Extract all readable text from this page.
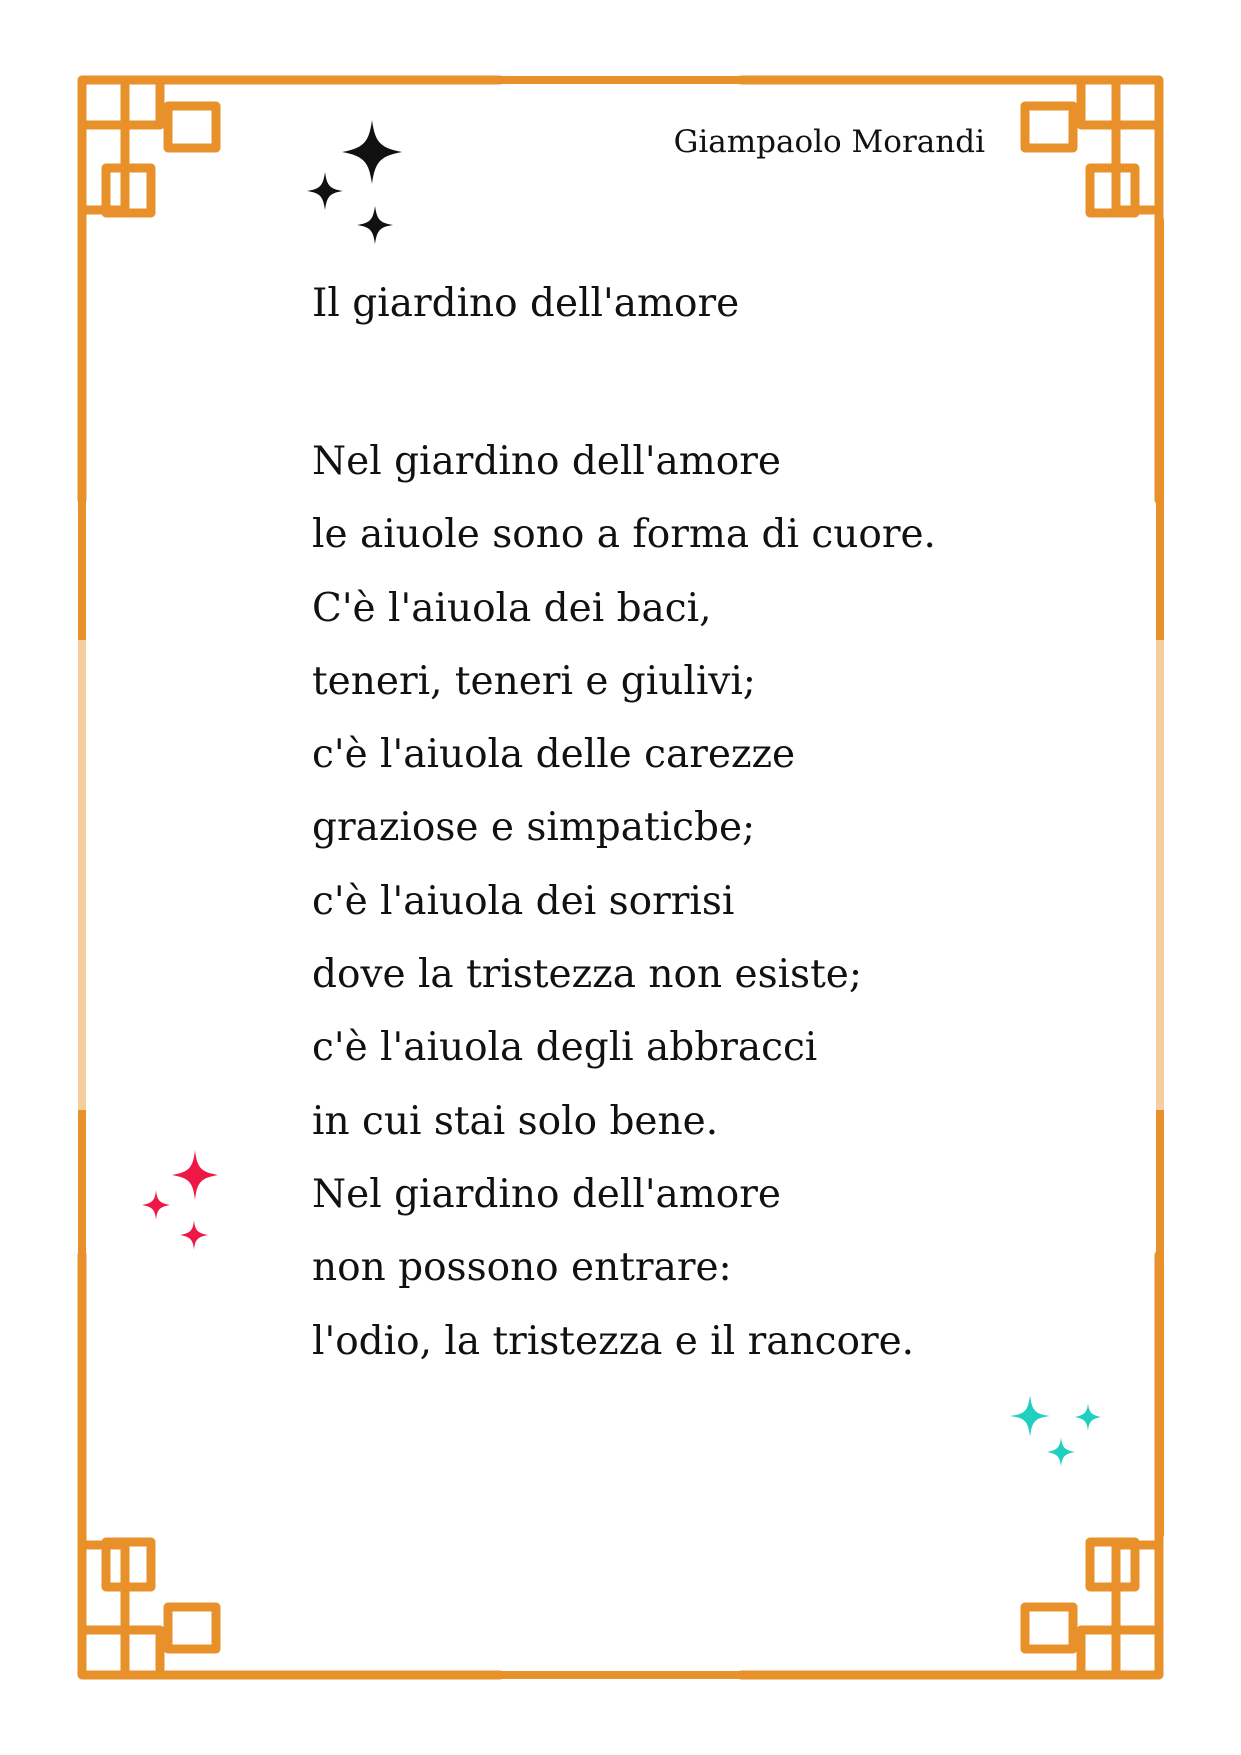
Giampaolo Morandi

Il giardino dell'amore
Nel giardino dell'amore
le aiuole sono a forma di cuore.
C'è l'aiuola dei baci,
teneri, teneri e giulivi;
c'è l'aiuola delle carezze
graziose e simpaticbe;
c'è l'aiuola dei sorrisi
dove la tristezza non esiste;
c'è l'aiuola degli abbracci
in cui stai solo bene.
Nel giardino dell'amore
non possono entrare:
l'odio, la tristezza e il rancore.
